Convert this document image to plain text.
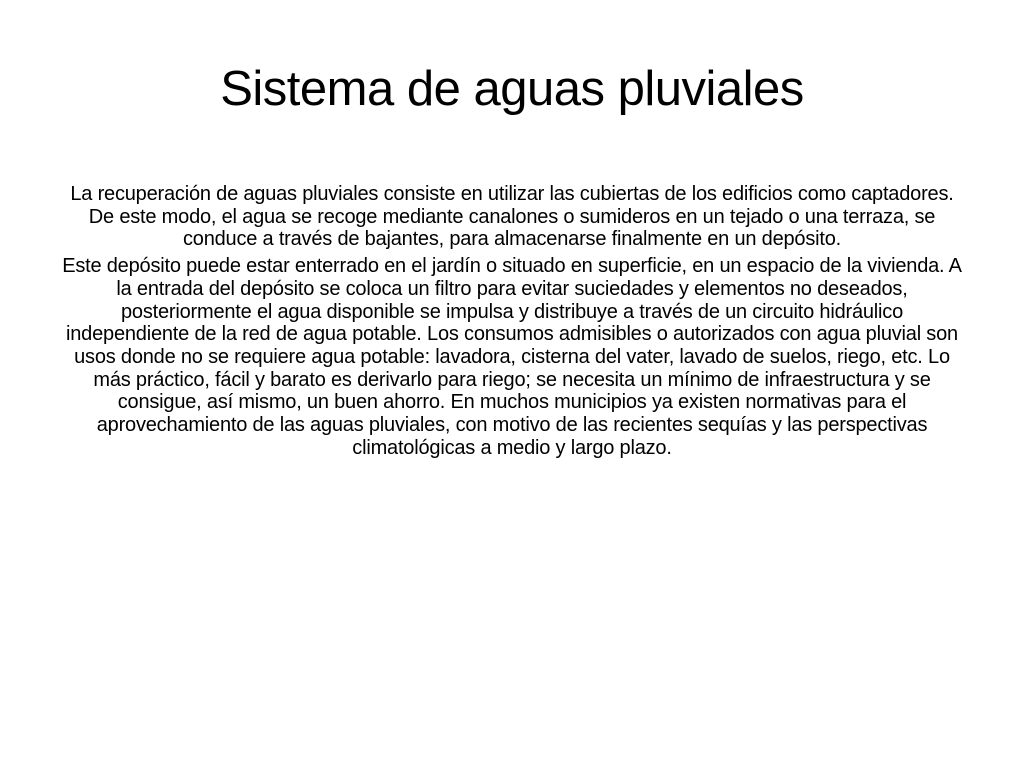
Sistema de aguas pluviales

La recuperación de aguas pluviales consiste en utilizar las cubiertas de los edificios como captadores. De este modo, el agua se recoge mediante canalones o sumideros en un tejado o una terraza, se conduce a través de bajantes, para almacenarse finalmente en un depósito.

Este depósito puede estar enterrado en el jardín o situado en superficie, en un espacio de la vivienda. A la entrada del depósito se coloca un filtro para evitar suciedades y elementos no deseados, posteriormente el agua disponible se impulsa y distribuye a través de un circuito hidráulico independiente de la red de agua potable. Los consumos admisibles o autorizados con agua pluvial son usos donde no se requiere agua potable: lavadora, cisterna del vater, lavado de suelos, riego, etc. Lo más práctico, fácil y barato es derivarlo para riego; se necesita un mínimo de infraestructura y se consigue, así mismo, un buen ahorro. En muchos municipios ya existen normativas para el aprovechamiento de las aguas pluviales, con motivo de las recientes sequías y las perspectivas climatológicas a medio y largo plazo.
